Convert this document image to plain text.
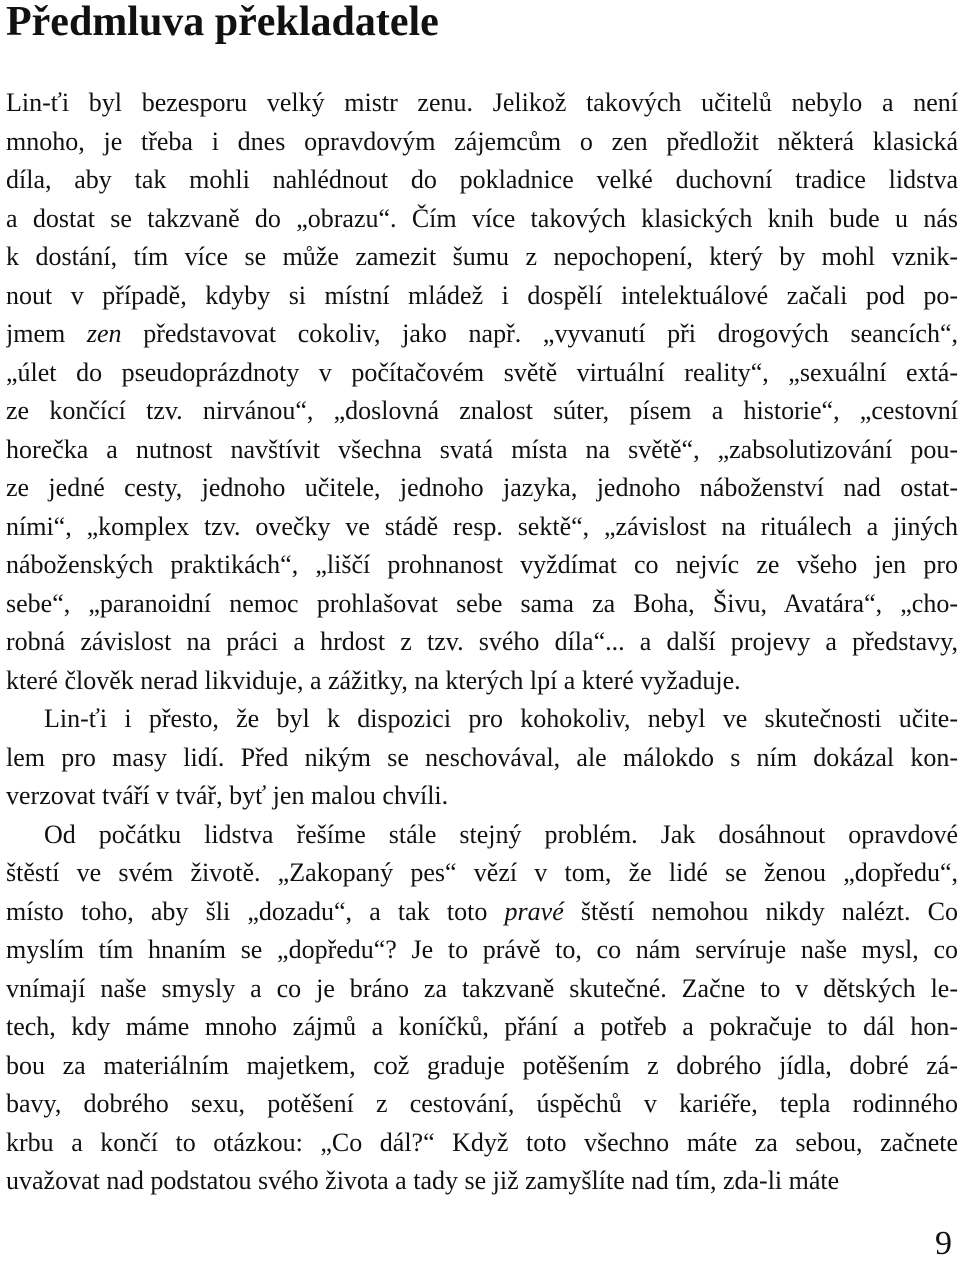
Předmluva překladatele
Lin-ťi byl bezesporu velký mistr zenu. Jelikož takových učitelů nebylo a není
mnoho, je třeba i dnes opravdovým zájemcům o zen předložit některá klasická
díla, aby tak mohli nahlédnout do pokladnice velké duchovní tradice lidstva
a dostat se takzvaně do „obrazu“. Čím více takových klasických knih bude u nás
k dostání, tím více se může zamezit šumu z nepochopení, který by mohl vznik-
nout v případě, kdyby si místní mládež i dospělí intelektuálové začali pod po-
jmem zen představovat cokoliv, jako např. „vyvanutí při drogových seancích“,
„úlet do pseudoprázdnoty v počítačovém světě virtuální reality“, „sexuální extá-
ze končící tzv. nirvánou“, „doslovná znalost súter, písem a historie“, „cestovní
horečka a nutnost navštívit všechna svatá místa na světě“, „zabsolutizování pou-
ze jedné cesty, jednoho učitele, jednoho jazyka, jednoho náboženství nad ostat-
ními“, „komplex tzv. ovečky ve stádě resp. sektě“, „závislost na rituálech a jiných
náboženských praktikách“, „liščí prohnanost vyždímat co nejvíc ze všeho jen pro
sebe“, „paranoidní nemoc prohlašovat sebe sama za Boha, Šivu, Avatára“, „cho-
robná závislost na práci a hrdost z tzv. svého díla“... a další projevy a představy,
které člověk nerad likviduje, a zážitky, na kterých lpí a které vyžaduje.
Lin-ťi i přesto, že byl k dispozici pro kohokoliv, nebyl ve skutečnosti učite-
lem pro masy lidí. Před nikým se neschovával, ale málokdo s ním dokázal kon-
verzovat tváří v tvář, byť jen malou chvíli.
Od počátku lidstva řešíme stále stejný problém. Jak dosáhnout opravdové
štěstí ve svém životě. „Zakopaný pes“ vězí v tom, že lidé se ženou „dopředu“,
místo toho, aby šli „dozadu“, a tak toto pravé štěstí nemohou nikdy nalézt. Co
myslím tím hnaním se „dopředu“? Je to právě to, co nám servíruje naše mysl, co
vnímají naše smysly a co je bráno za takzvaně skutečné. Začne to v dětských le-
tech, kdy máme mnoho zájmů a koníčků, přání a potřeb a pokračuje to dál hon-
bou za materiálním majetkem, což graduje potěšením z dobrého jídla, dobré zá-
bavy, dobrého sexu, potěšení z cestování, úspěchů v kariéře, tepla rodinného
krbu a končí to otázkou: „Co dál?“ Když toto všechno máte za sebou, začnete
uvažovat nad podstatou svého života a tady se již zamyšlíte nad tím, zda-li máte
9
